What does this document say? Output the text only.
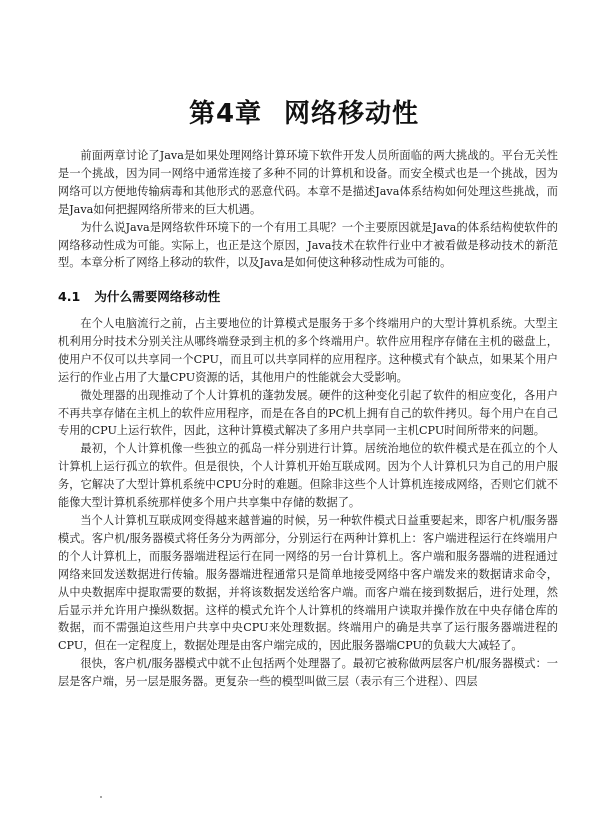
第4章 网络移动性

前面两章讨论了Java是如果处理网络计算环境下软件开发人员所面临的两大挑战的。平台无关性是一个挑战，因为同一网络中通常连接了多种不同的计算机和设备。而安全模式也是一个挑战，因为网络可以方便地传输病毒和其他形式的恶意代码。本章不是描述Java体系结构如何处理这些挑战，而是Java如何把握网络所带来的巨大机遇。

为什么说Java是网络软件环境下的一个有用工具呢？一个主要原因就是Java的体系结构使软件的网络移动性成为可能。实际上，也正是这个原因，Java技术在软件行业中才被看做是移动技术的新范型。本章分析了网络上移动的软件，以及Java是如何使这种移动性成为可能的。

4.1 为什么需要网络移动性

在个人电脑流行之前，占主要地位的计算模式是服务于多个终端用户的大型计算机系统。大型主机利用分时技术分别关注从哪终端登录到主机的多个终端用户。软件应用程序存储在主机的磁盘上，使用户不仅可以共享同一个CPU，而且可以共享同样的应用程序。这种模式有个缺点，如果某个用户运行的作业占用了大量CPU资源的话，其他用户的性能就会大受影响。

微处理器的出现推动了个人计算机的蓬勃发展。硬件的这种变化引起了软件的相应变化，各用户不再共享存储在主机上的软件应用程序，而是在各自的PC机上拥有自己的软件拷贝。每个用户在自己专用的CPU上运行软件，因此，这种计算模式解决了多用户共享同一主机CPU时间所带来的问题。

最初，个人计算机像一些独立的孤岛一样分别进行计算。居统治地位的软件模式是在孤立的个人计算机上运行孤立的软件。但是很快，个人计算机开始互联成网。因为个人计算机只为自己的用户服务，它解决了大型计算机系统中CPU分时的难题。但除非这些个人计算机连接成网络，否则它们就不能像大型计算机系统那样使多个用户共享集中存储的数据了。

当个人计算机互联成网变得越来越普遍的时候，另一种软件模式日益重要起来，即客户机/服务器模式。客户机/服务器模式将任务分为两部分，分别运行在两种计算机上：客户端进程运行在终端用户的个人计算机上，而服务器端进程运行在同一网络的另一台计算机上。客户端和服务器端的进程通过网络来回发送数据进行传输。服务器端进程通常只是简单地接受网络中客户端发来的数据请求命令，从中央数据库中提取需要的数据，并将该数据发送给客户端。而客户端在接到数据后，进行处理，然后显示并允许用户操纵数据。这样的模式允许个人计算机的终端用户读取并操作放在中央存储仓库的数据，而不需强迫这些用户共享中央CPU来处理数据。终端用户的确是共享了运行服务器端进程的CPU，但在一定程度上，数据处理是由客户端完成的，因此服务器端CPU的负载大大减轻了。

很快，客户机/服务器模式中就不止包括两个处理器了。最初它被称做两层客户机/服务器模式：一层是客户端，另一层是服务器。更复杂一些的模型叫做三层（表示有三个进程）、四层
